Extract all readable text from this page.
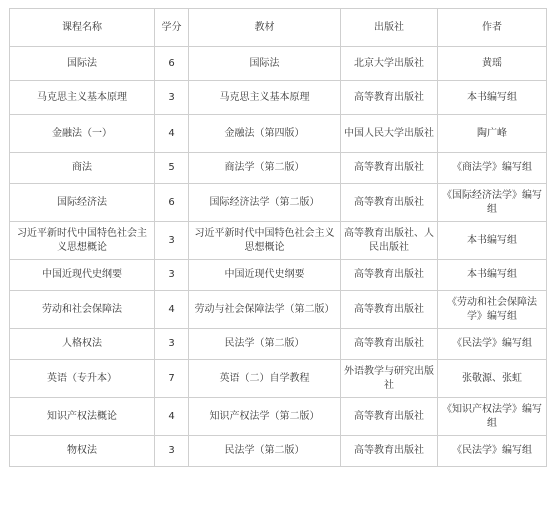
课程名称	学分	教材	出版社	作者
国际法	6	国际法	北京大学出版社	黄瑶
马克思主义基本原理	3	马克思主义基本原理	高等教育出版社	本书编写组
金融法（一）	4	金融法（第四版）	中国人民大学出版社	陶广峰
商法	5	商法学（第二版）	高等教育出版社	《商法学》编写组
国际经济法	6	国际经济法学（第二版）	高等教育出版社	《国际经济法学》编写组
习近平新时代中国特色社会主义思想概论	3	习近平新时代中国特色社会主义思想概论	高等教育出版社、人民出版社	本书编写组
中国近现代史纲要	3	中国近现代史纲要	高等教育出版社	本书编写组
劳动和社会保障法	4	劳动与社会保障法学（第二版）	高等教育出版社	《劳动和社会保障法学》编写组
人格权法	3	民法学（第二版）	高等教育出版社	《民法学》编写组
英语（专升本）	7	英语（二）自学教程	外语教学与研究出版社	张敬源、张虹
知识产权法概论	4	知识产权法学（第二版）	高等教育出版社	《知识产权法学》编写组
物权法	3	民法学（第二版）	高等教育出版社	《民法学》编写组
